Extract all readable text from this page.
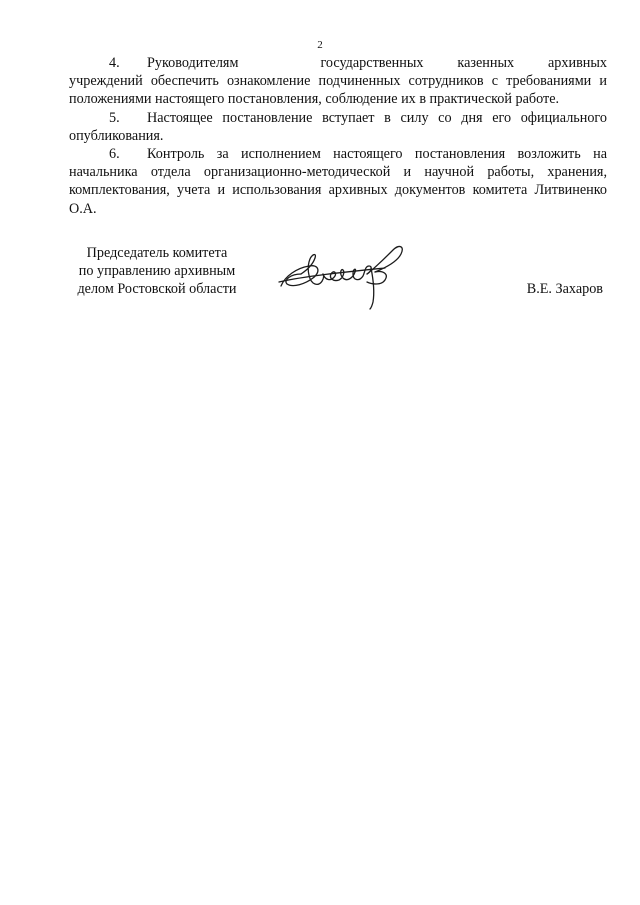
2

4. Руководителям	государственных казенных архивных учреждений обеспечить ознакомление подчиненных сотрудников с требованиями и положениями настоящего постановления, соблюдение их в практической работе.

5. Настоящее постановление вступает в силу со дня его официального опубликования.

6. Контроль за исполнением настоящего постановления возложить на начальника отдела организационно-методической и научной работы, хранения, комплектования, учета и использования архивных документов комитета Литвиненко О.А.

Председатель комитета
по управлению архивным
делом Ростовской области	В.Е. Захаров
